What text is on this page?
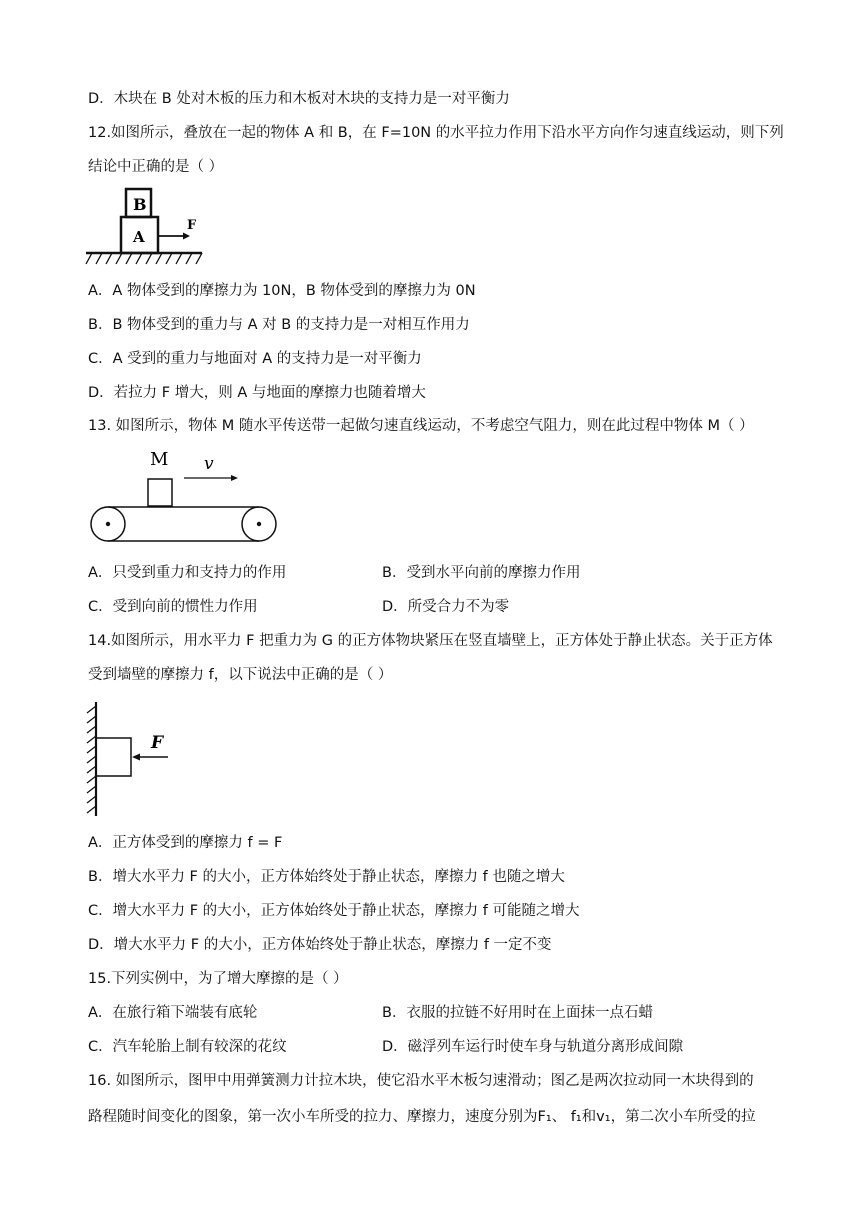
D．木块在 B 处对木板的压力和木板对木块的支持力是一对平衡力
12.如图所示，叠放在一起的物体 A 和 B，在 F=10N 的水平拉力作用下沿水平方向作匀速直线运动，则下列
结论中正确的是（ ）
B
A
F
A．A 物体受到的摩擦力为 10N，B 物体受到的摩擦力为 0N
B．B 物体受到的重力与 A 对 B 的支持力是一对相互作用力
C．A 受到的重力与地面对 A 的支持力是一对平衡力
D．若拉力 F 增大，则 A 与地面的摩擦力也随着增大
13. 如图所示，物体 M 随水平传送带一起做匀速直线运动，不考虑空气阻力，则在此过程中物体 M（ ）
M v
A．只受到重力和支持力的作用	B．受到水平向前的摩擦力作用
C．受到向前的惯性力作用	D．所受合力不为零
14.如图所示，用水平力 F 把重力为 G 的正方体物块紧压在竖直墙壁上，正方体处于静止状态。关于正方体
受到墙壁的摩擦力 f，以下说法中正确的是（ ）
F
A．正方体受到的摩擦力 f = F
B．增大水平力 F 的大小，正方体始终处于静止状态，摩擦力 f 也随之增大
C．增大水平力 F 的大小，正方体始终处于静止状态，摩擦力 f 可能随之增大
D．增大水平力 F 的大小，正方体始终处于静止状态，摩擦力 f 一定不变
15.下列实例中，为了增大摩擦的是（ ）
A．在旅行箱下端装有底轮	B．衣服的拉链不好用时在上面抹一点石蜡
C．汽车轮胎上制有较深的花纹	D．磁浮列车运行时使车身与轨道分离形成间隙
16. 如图所示，图甲中用弹簧测力计拉木块，使它沿水平木板匀速滑动；图乙是两次拉动同一木块得到的
路程随时间变化的图象，第一次小车所受的拉力、摩擦力，速度分别为F₁、 f₁和v₁，第二次小车所受的拉
